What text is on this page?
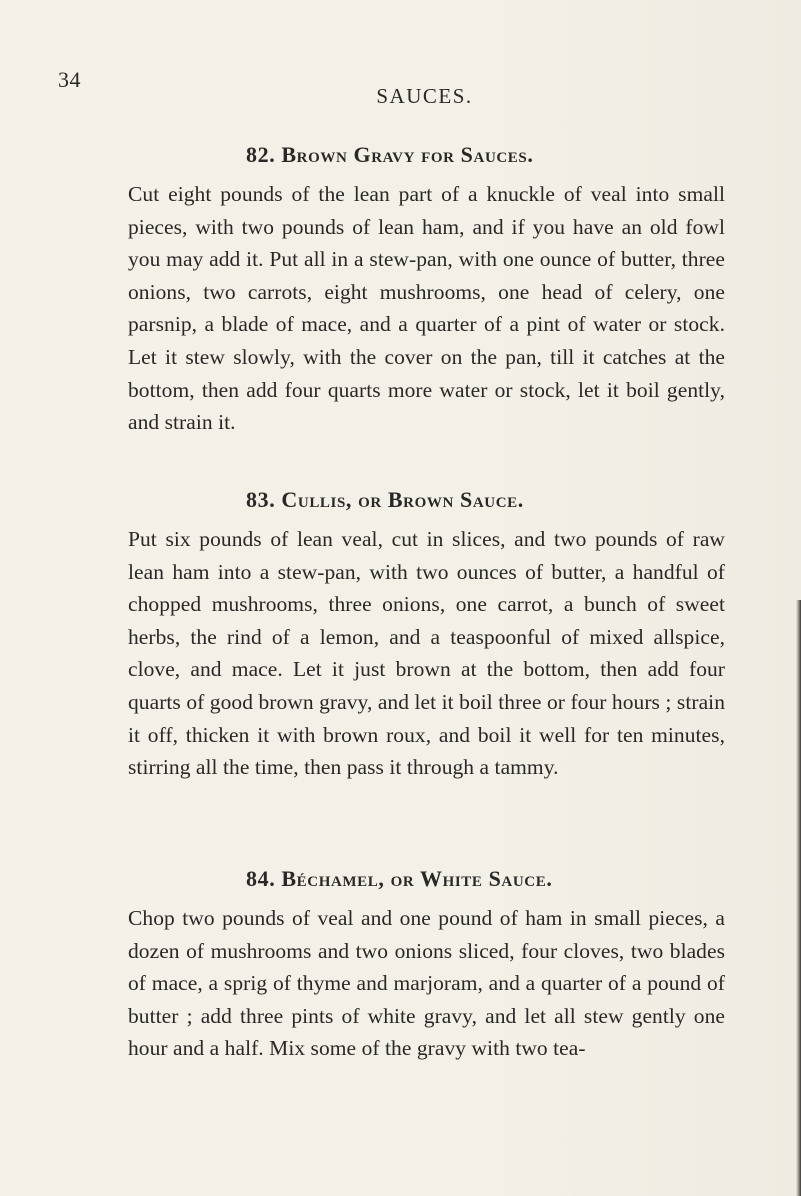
34
SAUCES.
82. Brown Gravy for Sauces.

Cut eight pounds of the lean part of a knuckle of veal into small pieces, with two pounds of lean ham, and if you have an old fowl you may add it. Put all in a stew-pan, with one ounce of butter, three onions, two carrots, eight mushrooms, one head of celery, one parsnip, a blade of mace, and a quarter of a pint of water or stock. Let it stew slowly, with the cover on the pan, till it catches at the bottom, then add four quarts more water or stock, let it boil gently, and strain it.

83. Cullis, or Brown Sauce.

Put six pounds of lean veal, cut in slices, and two pounds of raw lean ham into a stew-pan, with two ounces of butter, a handful of chopped mushrooms, three onions, one carrot, a bunch of sweet herbs, the rind of a lemon, and a teaspoonful of mixed allspice, clove, and mace. Let it just brown at the bottom, then add four quarts of good brown gravy, and let it boil three or four hours ; strain it off, thicken it with brown roux, and boil it well for ten minutes, stirring all the time, then pass it through a tammy.

84. Béchamel, or White Sauce.

Chop two pounds of veal and one pound of ham in small pieces, a dozen of mushrooms and two onions sliced, four cloves, two blades of mace, a sprig of thyme and marjoram, and a quarter of a pound of butter ; add three pints of white gravy, and let all stew gently one hour and a half. Mix some of the gravy with two tea-
